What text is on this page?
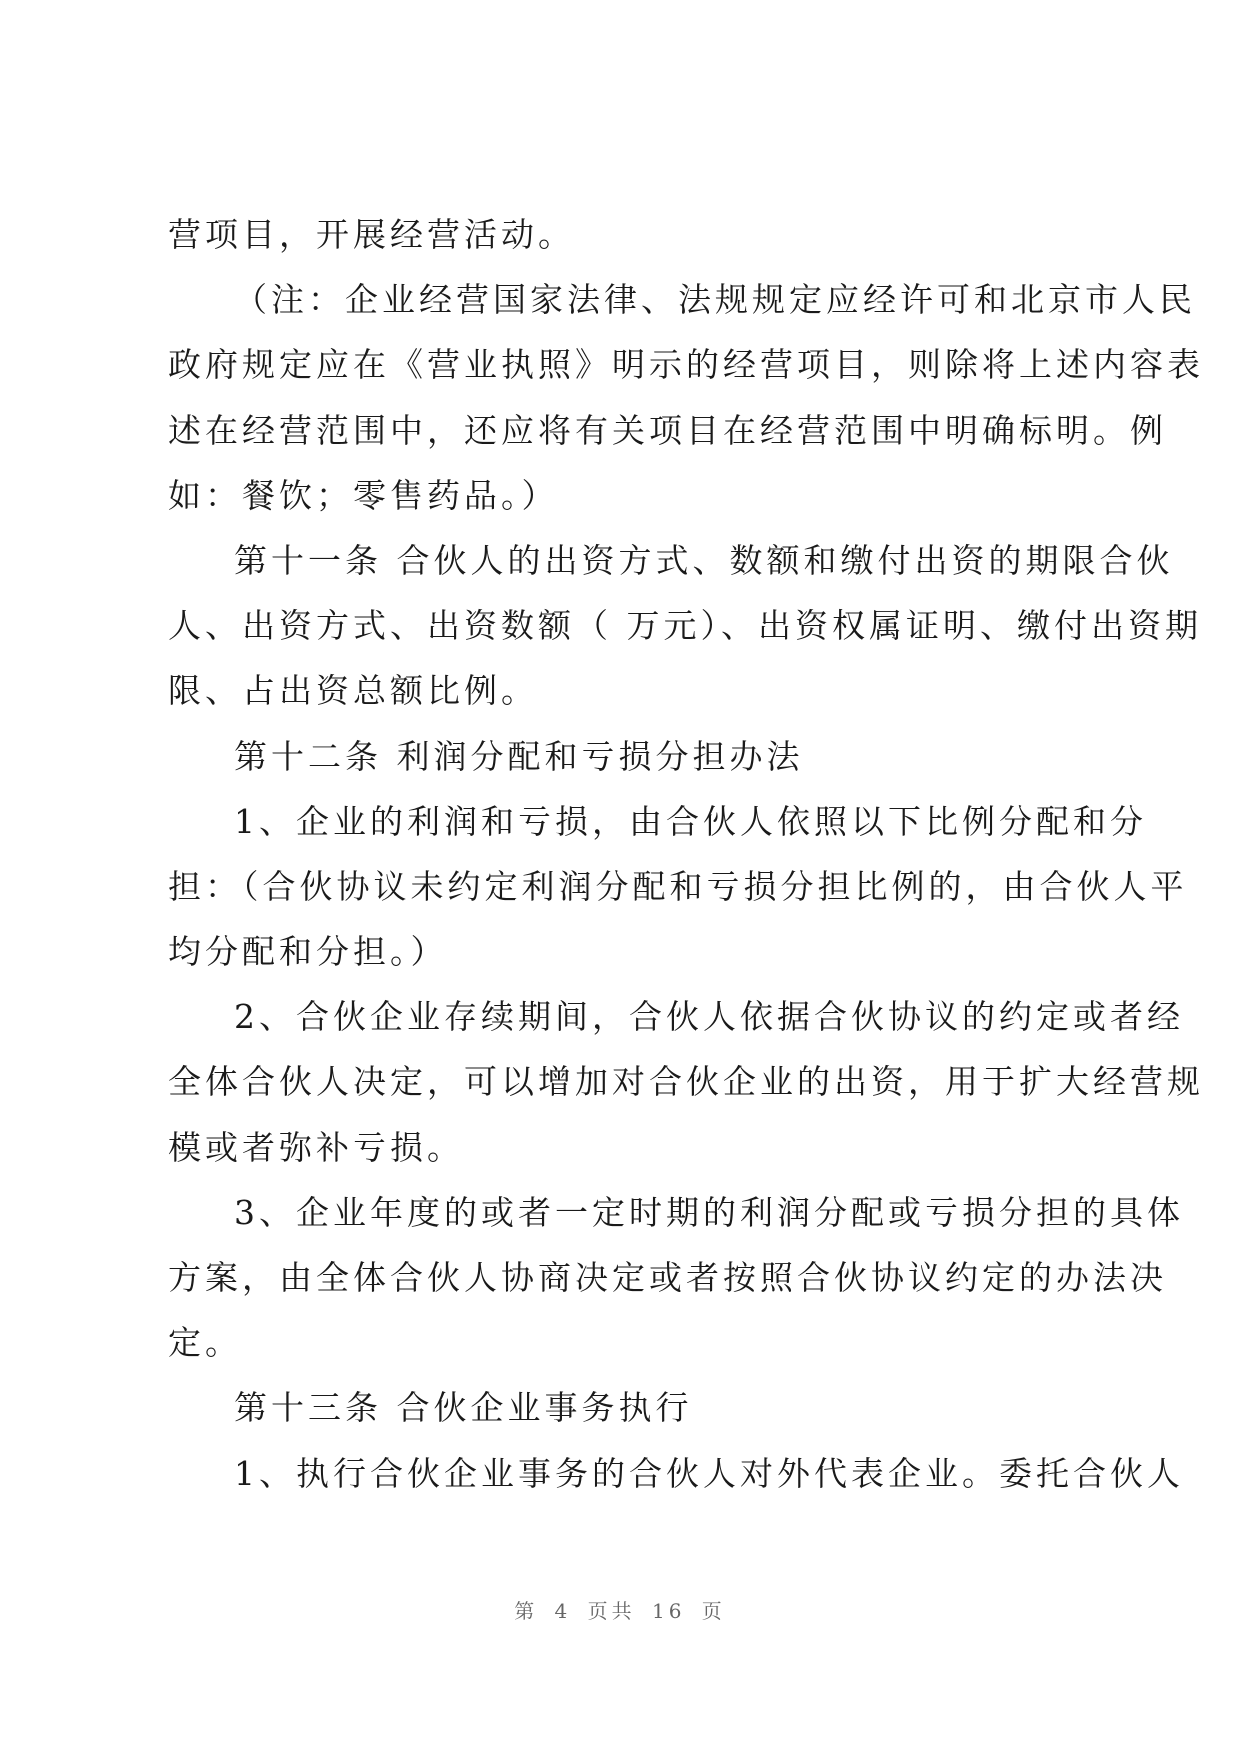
营项目，开展经营活动。
（注：企业经营国家法律、法规规定应经许可和北京市人民
政府规定应在《营业执照》明示的经营项目，则除将上述内容表
述在经营范围中，还应将有关项目在经营范围中明确标明。例
如：餐饮；零售药品。）
第十一条 合伙人的出资方式、数额和缴付出资的期限合伙
人、出资方式、出资数额（ 万元）、出资权属证明、缴付出资期
限、占出资总额比例。
第十二条 利润分配和亏损分担办法
1、企业的利润和亏损，由合伙人依照以下比例分配和分
担：（合伙协议未约定利润分配和亏损分担比例的，由合伙人平
均分配和分担。）
2、合伙企业存续期间，合伙人依据合伙协议的约定或者经
全体合伙人决定，可以增加对合伙企业的出资，用于扩大经营规
模或者弥补亏损。
3、企业年度的或者一定时期的利润分配或亏损分担的具体
方案，由全体合伙人协商决定或者按照合伙协议约定的办法决
定。
第十三条 合伙企业事务执行
1、执行合伙企业事务的合伙人对外代表企业。委托合伙人
第 4 页共 16 页
